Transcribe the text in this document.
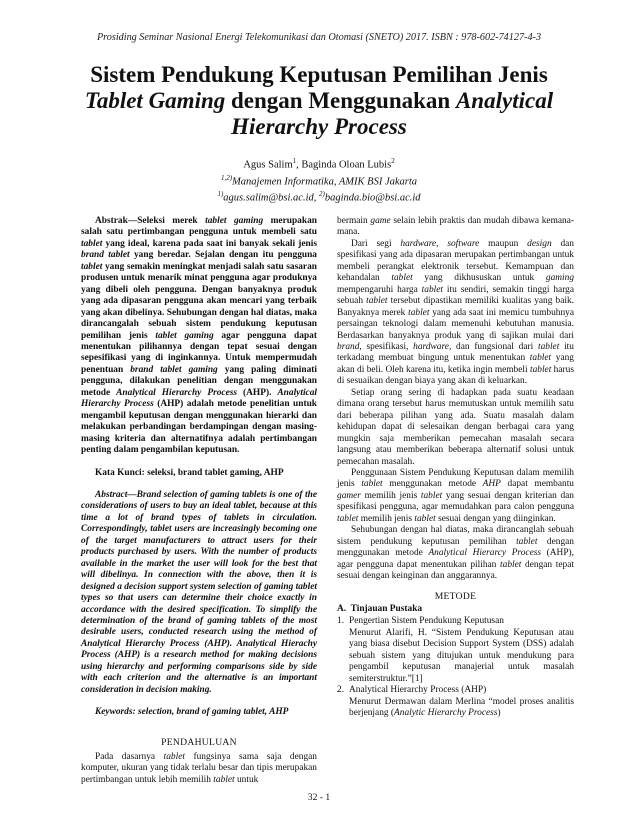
Prosiding Seminar Nasional Energi Telekomunikasi dan Otomasi (SNETO) 2017. ISBN : 978-602-74127-4-3
Sistem Pendukung Keputusan Pemilihan Jenis
Tablet Gaming dengan Menggunakan Analytical
Hierarchy Process
Agus Salim$^1$, Baginda Oloan Lubis$^2$
$^{1,2)}$Manajemen Informatika, AMIK BSI Jakarta
$^{1)}$agus.salim@bsi.ac.id, $^{2)}$baginda.bio@bsi.ac.id

Abstrak—Seleksi merek tablet gaming merupakan salah satu pertimbangan pengguna untuk membeli satu tablet yang ideal, karena pada saat ini banyak sekali jenis brand tablet yang beredar. Sejalan dengan itu pengguna tablet yang semakin meningkat menjadi salah satu sasaran produsen untuk menarik minat pengguna agar produknya yang dibeli oleh pengguna. Dengan banyaknya produk yang ada dipasaran pengguna akan mencari yang terbaik yang akan dibelinya. Sehubungan dengan hal diatas, maka dirancangalah sebuah sistem pendukung keputusan pemilihan jenis tablet gaming agar pengguna dapat menentukan pilihannya dengan tepat sesuai dengan sepesifikasi yang di inginkannya. Untuk mempermudah penentuan brand tablet gaming yang paling diminati pengguna, dilakukan penelitian dengan menggunakan metode Analytical Hierarchy Process (AHP). Analytical Hierarchy Process (AHP) adalah metode penelitian untuk mengambil keputusan dengan menggunakan hierarki dan melakukan perbandingan berdampingan dengan masing-masing kriteria dan alternatifnya adalah pertimbangan penting dalam pengambilan keputusan.

Kata Kunci: seleksi, brand tablet gaming, AHP

Abstract—Brand selection of gaming tablets is one of the considerations of users to buy an ideal tablet, because at this time a lot of brand types of tablets in circulation. Correspondingly, tablet users are increasingly becoming one of the target manufacturers to attract users for their products purchased by users. With the number of products available in the market the user will look for the best that will dibelinya. In connection with the above, then it is designed a decision support system selection of gaming tablet types so that users can determine their choice exactly in accordance with the desired specification. To simplify the determination of the brand of gaming tablets of the most desirable users, conducted research using the method of Analytical Hierarchy Process (AHP). Analytical Hierachy Process (AHP) is a research method for making decisions using hierarchy and performing comparisons side by side with each criterion and the alternative is an important consideration in decision making.

Keywords: selection, brand of gaming tablet, AHP

PENDAHULUAN

Pada dasarnya tablet fungsinya sama saja dengan komputer, ukuran yang tidak terlalu besar dan tipis merupakan pertimbangan untuk lebih memilih tablet untuk

bermain game selain lebih praktis dan mudah dibawa kemana-mana.

Dari segi hardware, software maupun design dan spesifikasi yang ada dipasaran merupakan pertimbangan untuk membeli perangkat elektronik tersebut. Kemampuan dan kehandalan tablet yang dikhususkan untuk gaming mempengaruhi harga tablet itu sendiri, semakin tinggi harga sebuah tablet tersebut dipastikan memiliki kualitas yang baik. Banyaknya merek tablet yang ada saat ini memicu tumbuhnya persaingan teknologi dalam memenuhi kebutuhan manusia. Berdasarkan banyaknya produk yang di sajikan mulai dari brand, spesifikasi, hardware, dan fungsional dari tablet itu terkadang membuat bingung untuk menentukan tablet yang akan di beli. Oleh karena itu, ketika ingin membeli tablet harus di sesuaikan dengan biaya yang akan di keluarkan.

Setiap orang sering di hadapkan pada suatu keadaan dimana orang tersebut harus memutuskan untuk memilih satu dari beberapa pilihan yang ada. Suatu masalah dalam kehidupan dapat di selesaikan dengan berbagai cara yang mungkin saja memberikan pemecahan masalah secara langsung atau memberikan beberapa alternatif solusi untuk pemecahan masalah.

Penggunaan Sistem Pendukung Keputusan dalam memilih jenis tablet menggunakan metode AHP dapat membantu gamer memilih jenis tablet yang sesuai dengan kriterian dan spesifikasi pengguna, agar memudahkan para calon pengguna tablet memilih jenis tablet sesuai dengan yang diinginkan.

Sehubungan dengan hal diatas, maka dirancanglah sebuah sistem pendukung keputusan pemilihan tablet dengan menggunakan metode Analytical Hierarcy Process (AHP), agar pengguna dapat menentukan pilihan tablet dengan tepat sesuai dengan keinginan dan anggarannya.

METODE
A.  Tinjauan Pustaka
1. Pengertian Sistem Pendukung Keputusan

Menurut Alarifi, H. “Sistem Pendukung Keputusan atau yang biasa disebut Decision Support System (DSS) adalah sebuah sistem yang ditujukan untuk mendukung para pengambil keputusan manajerial untuk masalah semiterstruktur.”[1]

2. Analytical Hierarchy Process (AHP)

Menurut Dermawan dalam Merlina “model proses analitis berjenjang (Analytic Hierarchy Process)

32 - 1
